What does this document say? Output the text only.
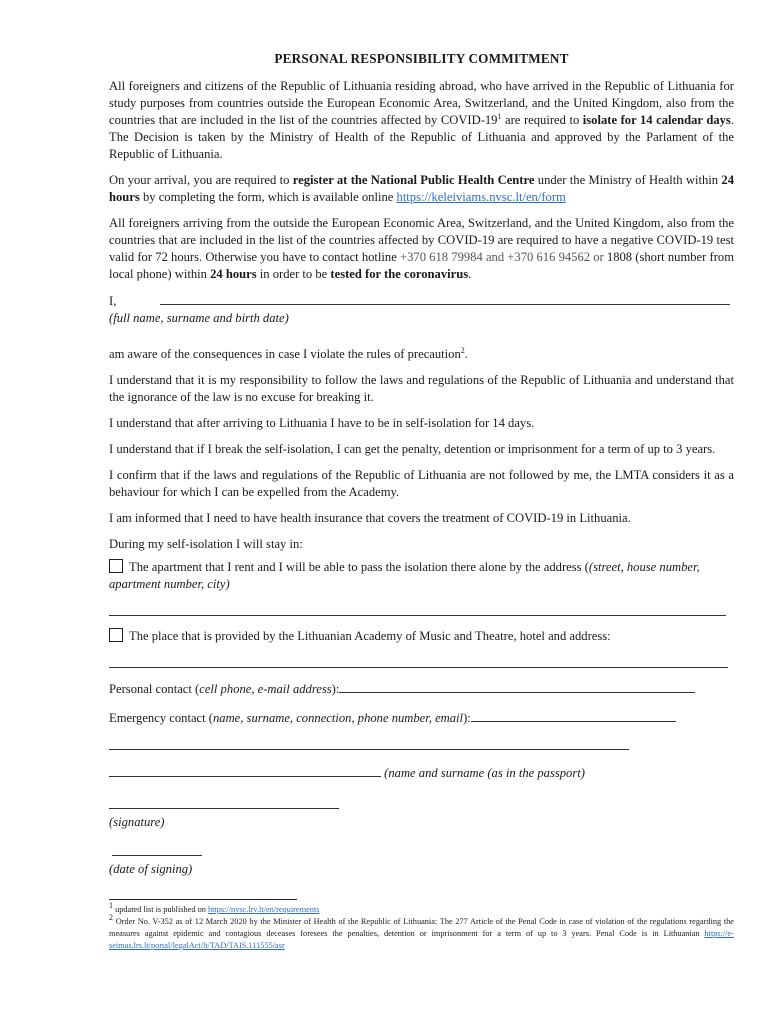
PERSONAL RESPONSIBILITY COMMITMENT

All foreigners and citizens of the Republic of Lithuania residing abroad, who have arrived in the Republic of Lithuania for study purposes from countries outside the European Economic Area, Switzerland, and the United Kingdom, also from the countries that are included in the list of the countries affected by COVID-$19^1$ are required to isolate for 14 calendar days. The Decision is taken by the Ministry of Health of the Republic of Lithuania and approved by the Parlament of the Republic of Lithuania.

On your arrival, you are required to register at the National Public Health Centre under the Ministry of Health within 24 hours by completing the form, which is available online https://keleiviams.nvsc.lt/en/form

All foreigners arriving from the outside the European Economic Area, Switzerland, and the United Kingdom, also from the countries that are included in the list of the countries affected by COVID-19 are required to have a negative COVID-19 test valid for 72 hours. Otherwise you have to contact hotline +370 618 79984 and +370 616 94562 or 1808 (short number from local phone) within 24 hours in order to be tested for the coronavirus.

I,
(full name, surname and birth date)

am aware of the consequences in case I violate the rules of precaution$^2$.

I understand that it is my responsibility to follow the laws and regulations of the Republic of Lithuania and understand that the ignorance of the law is no excuse for breaking it.

I understand that after arriving to Lithuania I have to be in self-isolation for 14 days.

I understand that if I break the self-isolation, I can get the penalty, detention or imprisonment for a term of up to 3 years.

I confirm that if the laws and regulations of the Republic of Lithuania are not followed by me, the LMTA considers it as a behaviour for which I can be expelled from the Academy.

I am informed that I need to have health insurance that covers the treatment of COVID-19 in Lithuania.

During my self-isolation I will stay in:

The apartment that I rent and I will be able to pass the isolation there alone by the address ((street, house number, apartment number, city)
The place that is provided by the Lithuanian Academy of Music and Theatre, hotel and address:
Personal contact (cell phone, e-mail address):
Emergency contact (name, surname, connection, phone number, email):
(name and surname (as in the passport)
(signature)
(date of signing)

$^1$ updated list is published on https://nvsc.lrv.lt/en/requirements

$^2$ Order No. V-352 as of 12 March 2020 by the Minister of Health of the Republic of Lithuania: The 277 Article of the Penal Code in case of violation of the regulations regarding the measures against epidemic and contagious deceases foresees the penalties, detention or imprisonment for a term of up to 3 years. Penal Code is in Lithuanian https://e-seimas.lrs.lt/portal/legalAct/lt/TAD/TAIS.111555/asr
